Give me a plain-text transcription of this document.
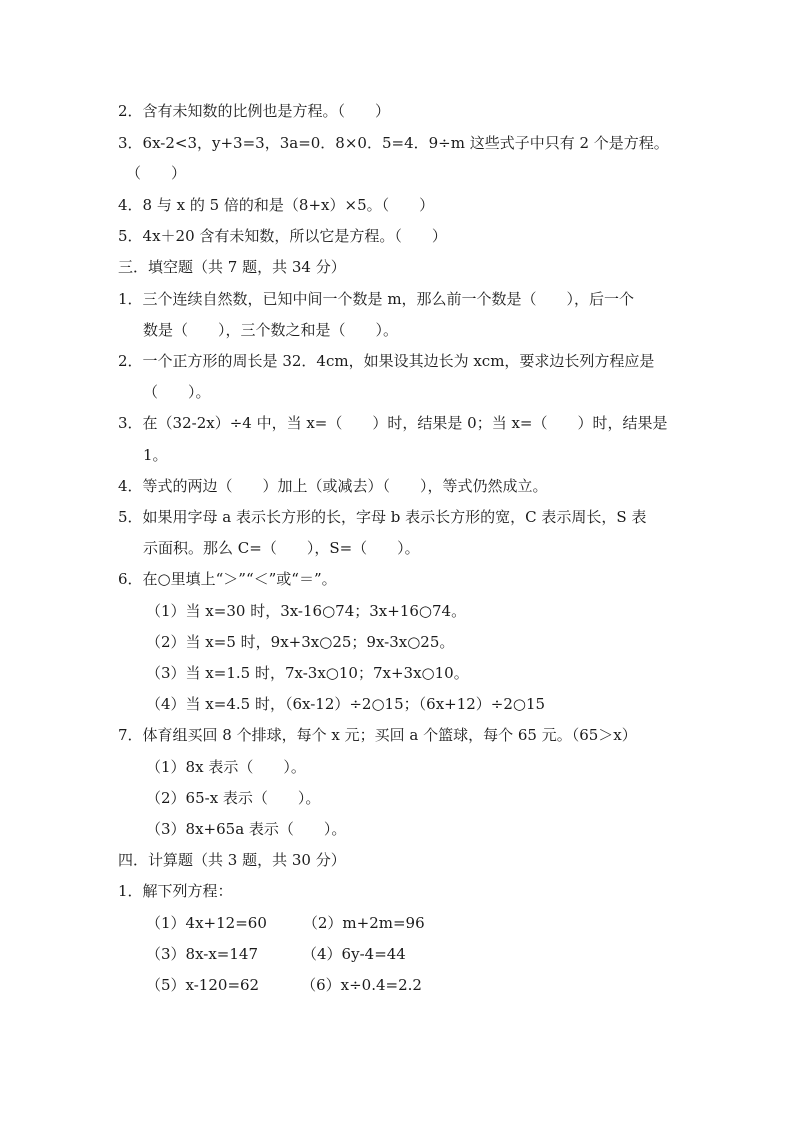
2．含有未知数的比例也是方程。（　　）
3．6x-2<3，y+3=3，3a=0．8×0．5=4．9÷m 这些式子中只有 2 个是方程。
（　　）
4．8 与 x 的 5 倍的和是（8+x）×5。（　　）
5．4x＋20 含有未知数，所以它是方程。（　　）
三．填空题（共 7 题，共 34 分）
1．三个连续自然数，已知中间一个数是 m，那么前一个数是（　　），后一个
数是（　　），三个数之和是（　　）。
2．一个正方形的周长是 32．4cm，如果设其边长为 xcm，要求边长列方程应是
（　　）。
3．在（32-2x）÷4 中，当 x=（　　）时，结果是 0；当 x=（　　）时，结果是
1。
4．等式的两边（　　）加上（或减去）（　　），等式仍然成立。
5．如果用字母 a 表示长方形的长，字母 b 表示长方形的宽，C 表示周长，S 表
示面积。那么 C=（　　），S=（　　）。
6．在○里填上“＞”“＜”或“＝”。
（1）当 x=30 时，3x-16○74；3x+16○74。
（2）当 x=5 时，9x+3x○25；9x-3x○25。
（3）当 x=1.5 时，7x-3x○10；7x+3x○10。
（4）当 x=4.5 时，（6x-12）÷2○15；（6x+12）÷2○15
7．体育组买回 8 个排球，每个 x 元；买回 a 个篮球，每个 65 元。（65＞x）
（1）8x 表示（　　）。
（2）65-x 表示（　　）。
（3）8x+65a 表示（　　）。
四．计算题（共 3 题，共 30 分）
1．解下列方程：
（1）4x+12=60 （2）m+2m=96
（3）8x-x=147	（4）6y-4=44
（5）x-120=62	（6）x÷0.4=2.2
